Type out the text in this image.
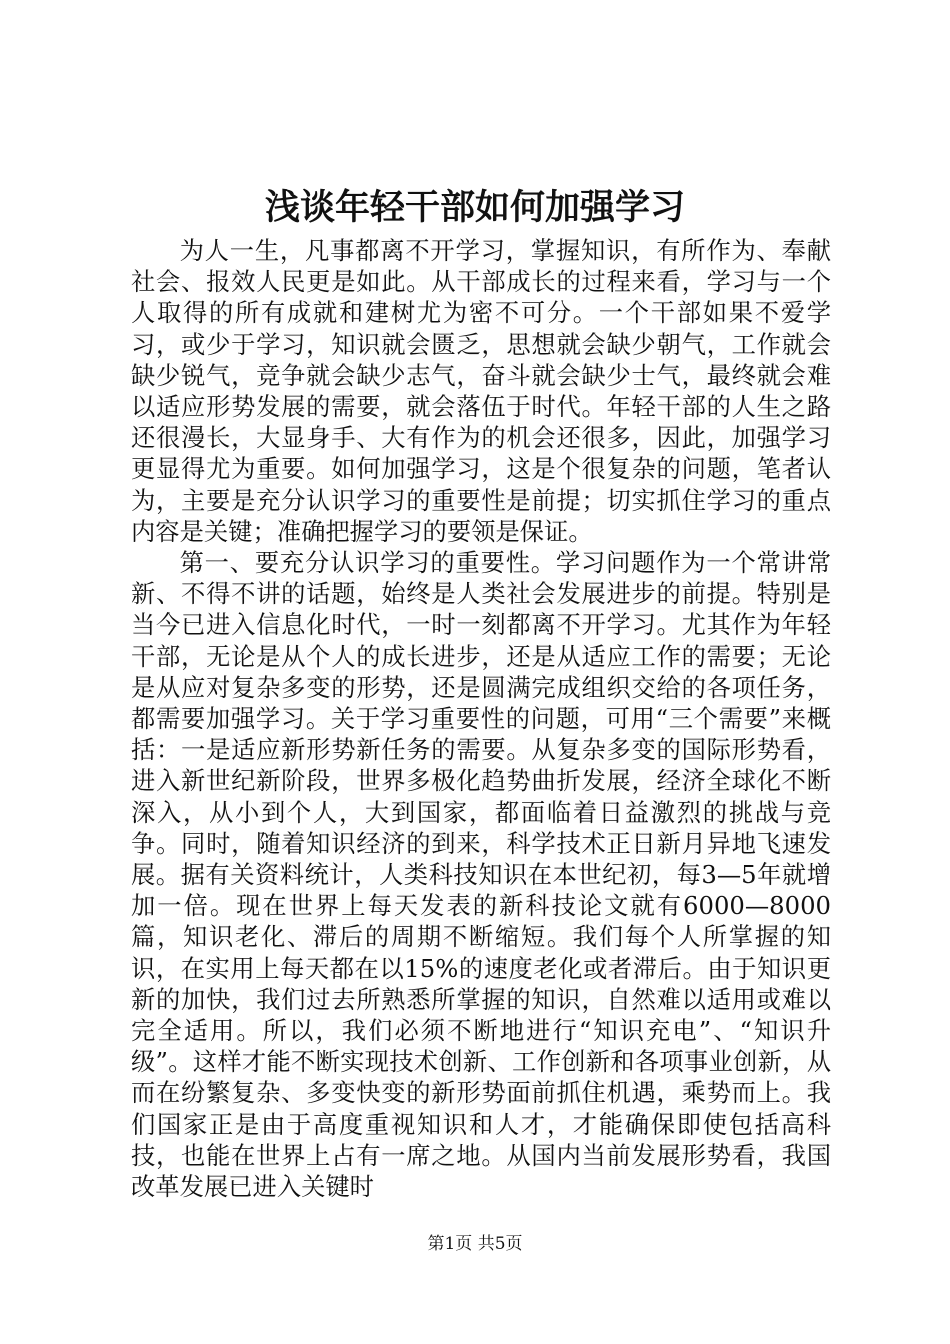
浅谈年轻干部如何加强学习

为人一生，凡事都离不开学习，掌握知识，有所作为、奉献社会、报效人民更是如此。从干部成长的过程来看，学习与一个人取得的所有成就和建树尤为密不可分。一个干部如果不爱学习，或少于学习，知识就会匮乏，思想就会缺少朝气，工作就会缺少锐气，竞争就会缺少志气，奋斗就会缺少士气，最终就会难以适应形势发展的需要，就会落伍于时代。年轻干部的人生之路还很漫长，大显身手、大有作为的机会还很多，因此，加强学习更显得尤为重要。如何加强学习，这是个很复杂的问题，笔者认为，主要是充分认识学习的重要性是前提；切实抓住学习的重点内容是关键；准确把握学习的要领是保证。

第一、要充分认识学习的重要性。学习问题作为一个常讲常新、不得不讲的话题，始终是人类社会发展进步的前提。特别是当今已进入信息化时代，一时一刻都离不开学习。尤其作为年轻干部，无论是从个人的成长进步，还是从适应工作的需要；无论是从应对复杂多变的形势，还是圆满完成组织交给的各项任务，都需要加强学习。关于学习重要性的问题，可用“三个需要”来概括：一是适应新形势新任务的需要。从复杂多变的国际形势看，进入新世纪新阶段，世界多极化趋势曲折发展，经济全球化不断深入，从小到个人，大到国家，都面临着日益激烈的挑战与竞争。同时，随着知识经济的到来，科学技术正日新月异地飞速发展。据有关资料统计，人类科技知识在本世纪初，每3—5年就增加一倍。现在世界上每天发表的新科技论文就有6000—8000篇，知识老化、滞后的周期不断缩短。我们每个人所掌握的知识，在实用上每天都在以15%的速度老化或者滞后。由于知识更新的加快，我们过去所熟悉所掌握的知识，自然难以适用或难以完全适用。所以，我们必须不断地进行“知识充电”、“知识升级”。这样才能不断实现技术创新、工作创新和各项事业创新，从而在纷繁复杂、多变快变的新形势面前抓住机遇，乘势而上。我们国家正是由于高度重视知识和人才，才能确保即使包括高科技，也能在世界上占有一席之地。从国内当前发展形势看，我国改革发展已进入关键时

第1页 共5页
